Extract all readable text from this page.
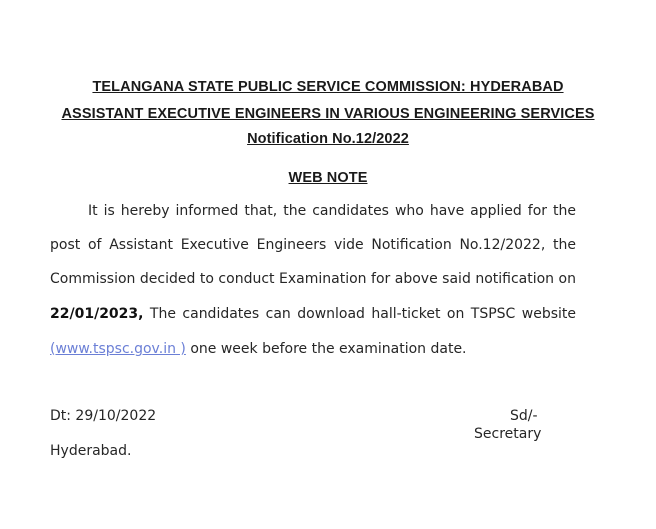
TELANGANA STATE PUBLIC SERVICE COMMISSION: HYDERABAD
ASSISTANT EXECUTIVE ENGINEERS IN VARIOUS ENGINEERING SERVICES
Notification No.12/2022
WEB NOTE
It is hereby informed that, the candidates who have applied for the
post of Assistant Executive Engineers vide Notification No.12/2022, the
Commission decided to conduct Examination for above said notification on
22/01/2023, The candidates can download hall-ticket on TSPSC website
(www.tspsc.gov.in ) one week before the examination date.
Dt: 29/10/2022
Hyderabad.
Sd/-
Secretary
